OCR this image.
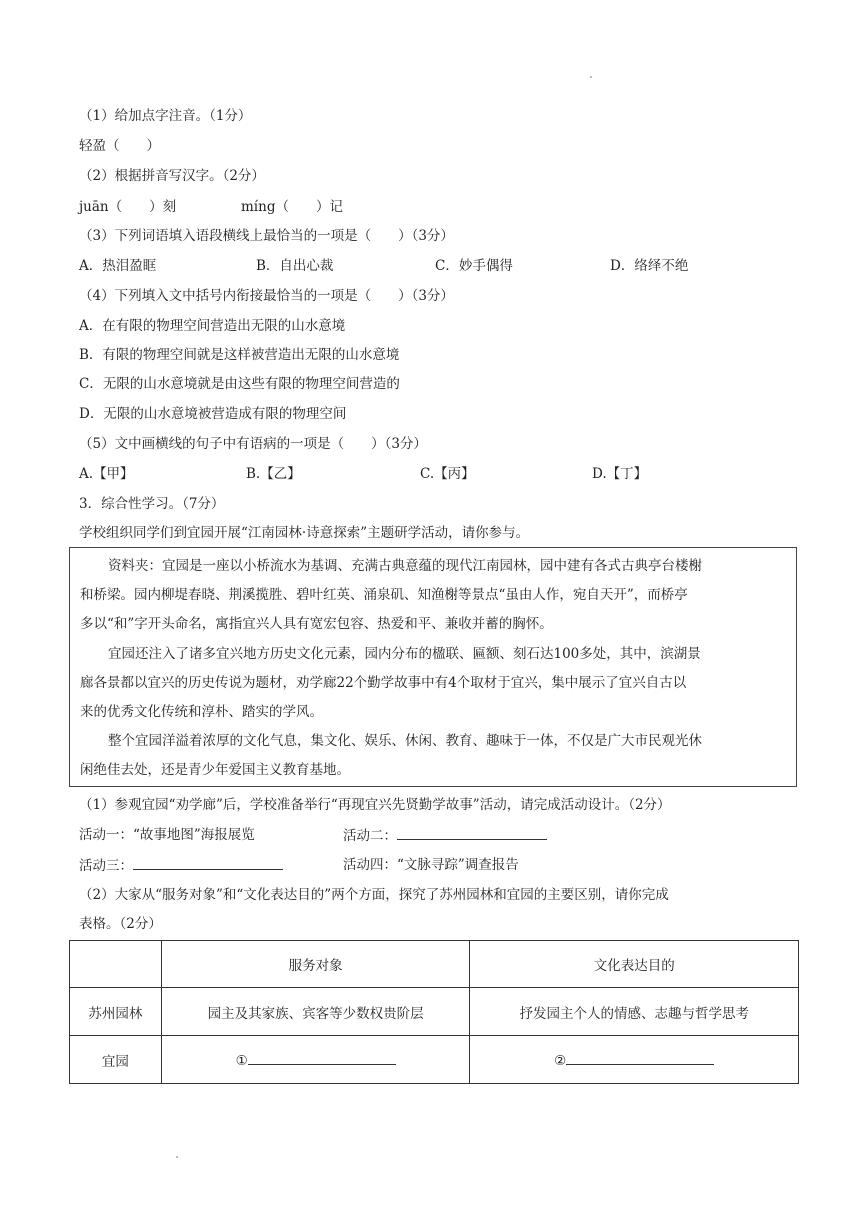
（1）给加点字注音。（1分）
轻盈（　　）
（2）根据拼音写汉字。（2分）
juān（　　）刻	míng（　　）记
（3）下列词语填入语段横线上最恰当的一项是（　　）（3分）
A．热泪盈眶	B．自出心裁	C．妙手偶得	D．络绎不绝
（4）下列填入文中括号内衔接最恰当的一项是（　　）（3分）
A．在有限的物理空间营造出无限的山水意境
B．有限的物理空间就是这样被营造出无限的山水意境
C．无限的山水意境就是由这些有限的物理空间营造的
D．无限的山水意境被营造成有限的物理空间
（5）文中画横线的句子中有语病的一项是（　　）（3分）
A.【甲】	B.【乙】	C.【丙】	D.【丁】
3．综合性学习。（7分）
学校组织同学们到宜园开展“江南园林·诗意探索”主题研学活动，请你参与。

资料夹：宜园是一座以小桥流水为基调、充满古典意蕴的现代江南园林，园中建有各式古典亭台楼榭

和桥梁。园内柳堤春晓、荆溪揽胜、碧叶红英、涌泉矶、知渔榭等景点“虽由人作，宛自天开”，而桥亭

多以“和”字开头命名，寓指宜兴人具有宽宏包容、热爱和平、兼收并蓄的胸怀。

宜园还注入了诸多宜兴地方历史文化元素，园内分布的楹联、匾额、刻石达100多处，其中，滨湖景

廊各景都以宜兴的历史传说为题材，劝学廊22个勤学故事中有4个取材于宜兴，集中展示了宜兴自古以

来的优秀文化传统和淳朴、踏实的学风。

整个宜园洋溢着浓厚的文化气息，集文化、娱乐、休闲、教育、趣味于一体，不仅是广大市民观光休

闲绝佳去处，还是青少年爱国主义教育基地。

（1）参观宜园“劝学廊”后，学校准备举行“再现宜兴先贤勤学故事”活动，请完成活动设计。（2分）
活动一：“故事地图”海报展览	活动二：
活动三：	活动四：“文脉寻踪”调查报告
（2）大家从“服务对象”和“文化表达目的”两个方面，探究了苏州园林和宜园的主要区别，请你完成
表格。（2分）
	服务对象	文化表达目的
苏州园林	园主及其家族、宾客等少数权贵阶层	抒发园主个人的情感、志趣与哲学思考
宜园	①	②
